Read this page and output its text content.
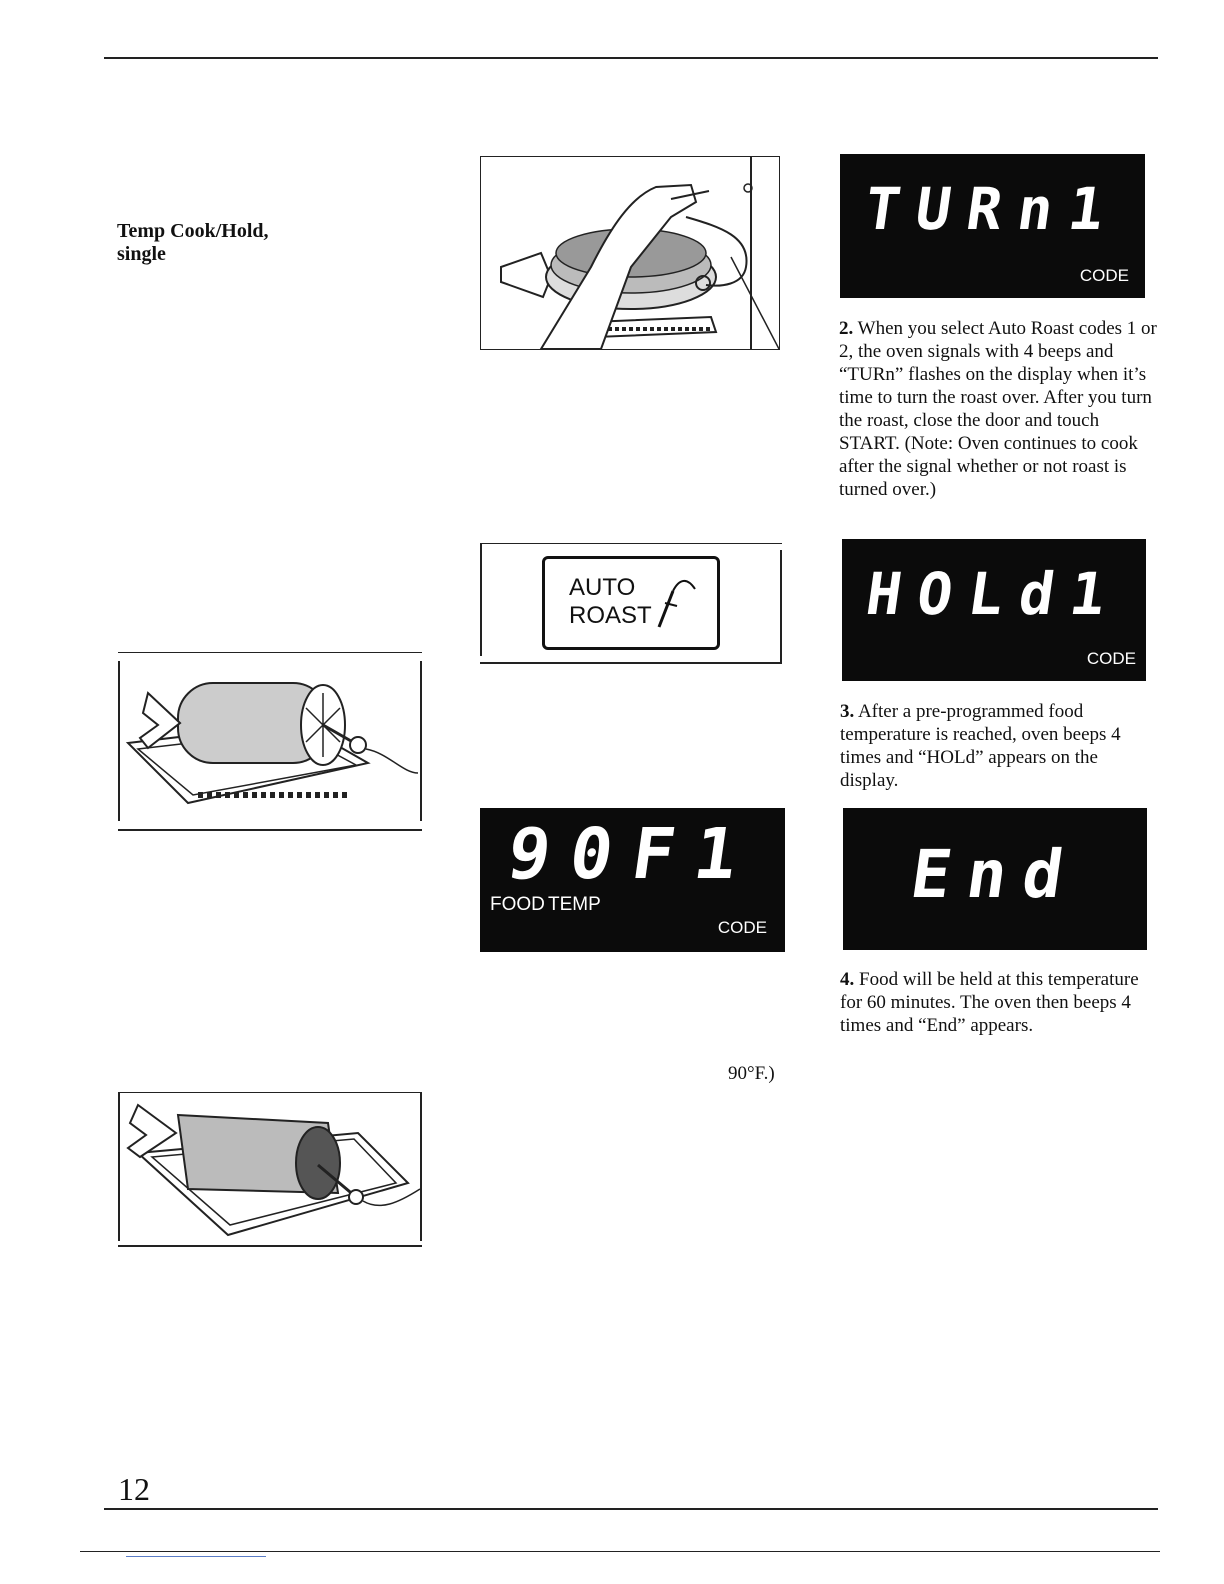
Temp Cook/Hold,
single
TURn1
CODE
2. When you select Auto Roast codes 1 or 2, the oven signals with 4 beeps and “TURn” flashes on the display when it’s time to turn the roast over. After you turn the roast, close the door and touch START. (Note: Oven continues to cook after the signal whether or not roast is turned over.)
AUTO
ROAST	HOLd1
CODE
3. After a pre-programmed food temperature is reached, oven beeps 4 times and “HOLd” appears on the display.
90F1
FOOD TEMP
CODE
End
4. Food will be held at this temperature for 60 minutes. The oven then beeps 4 times and “End” appears.
90°F.)
12
